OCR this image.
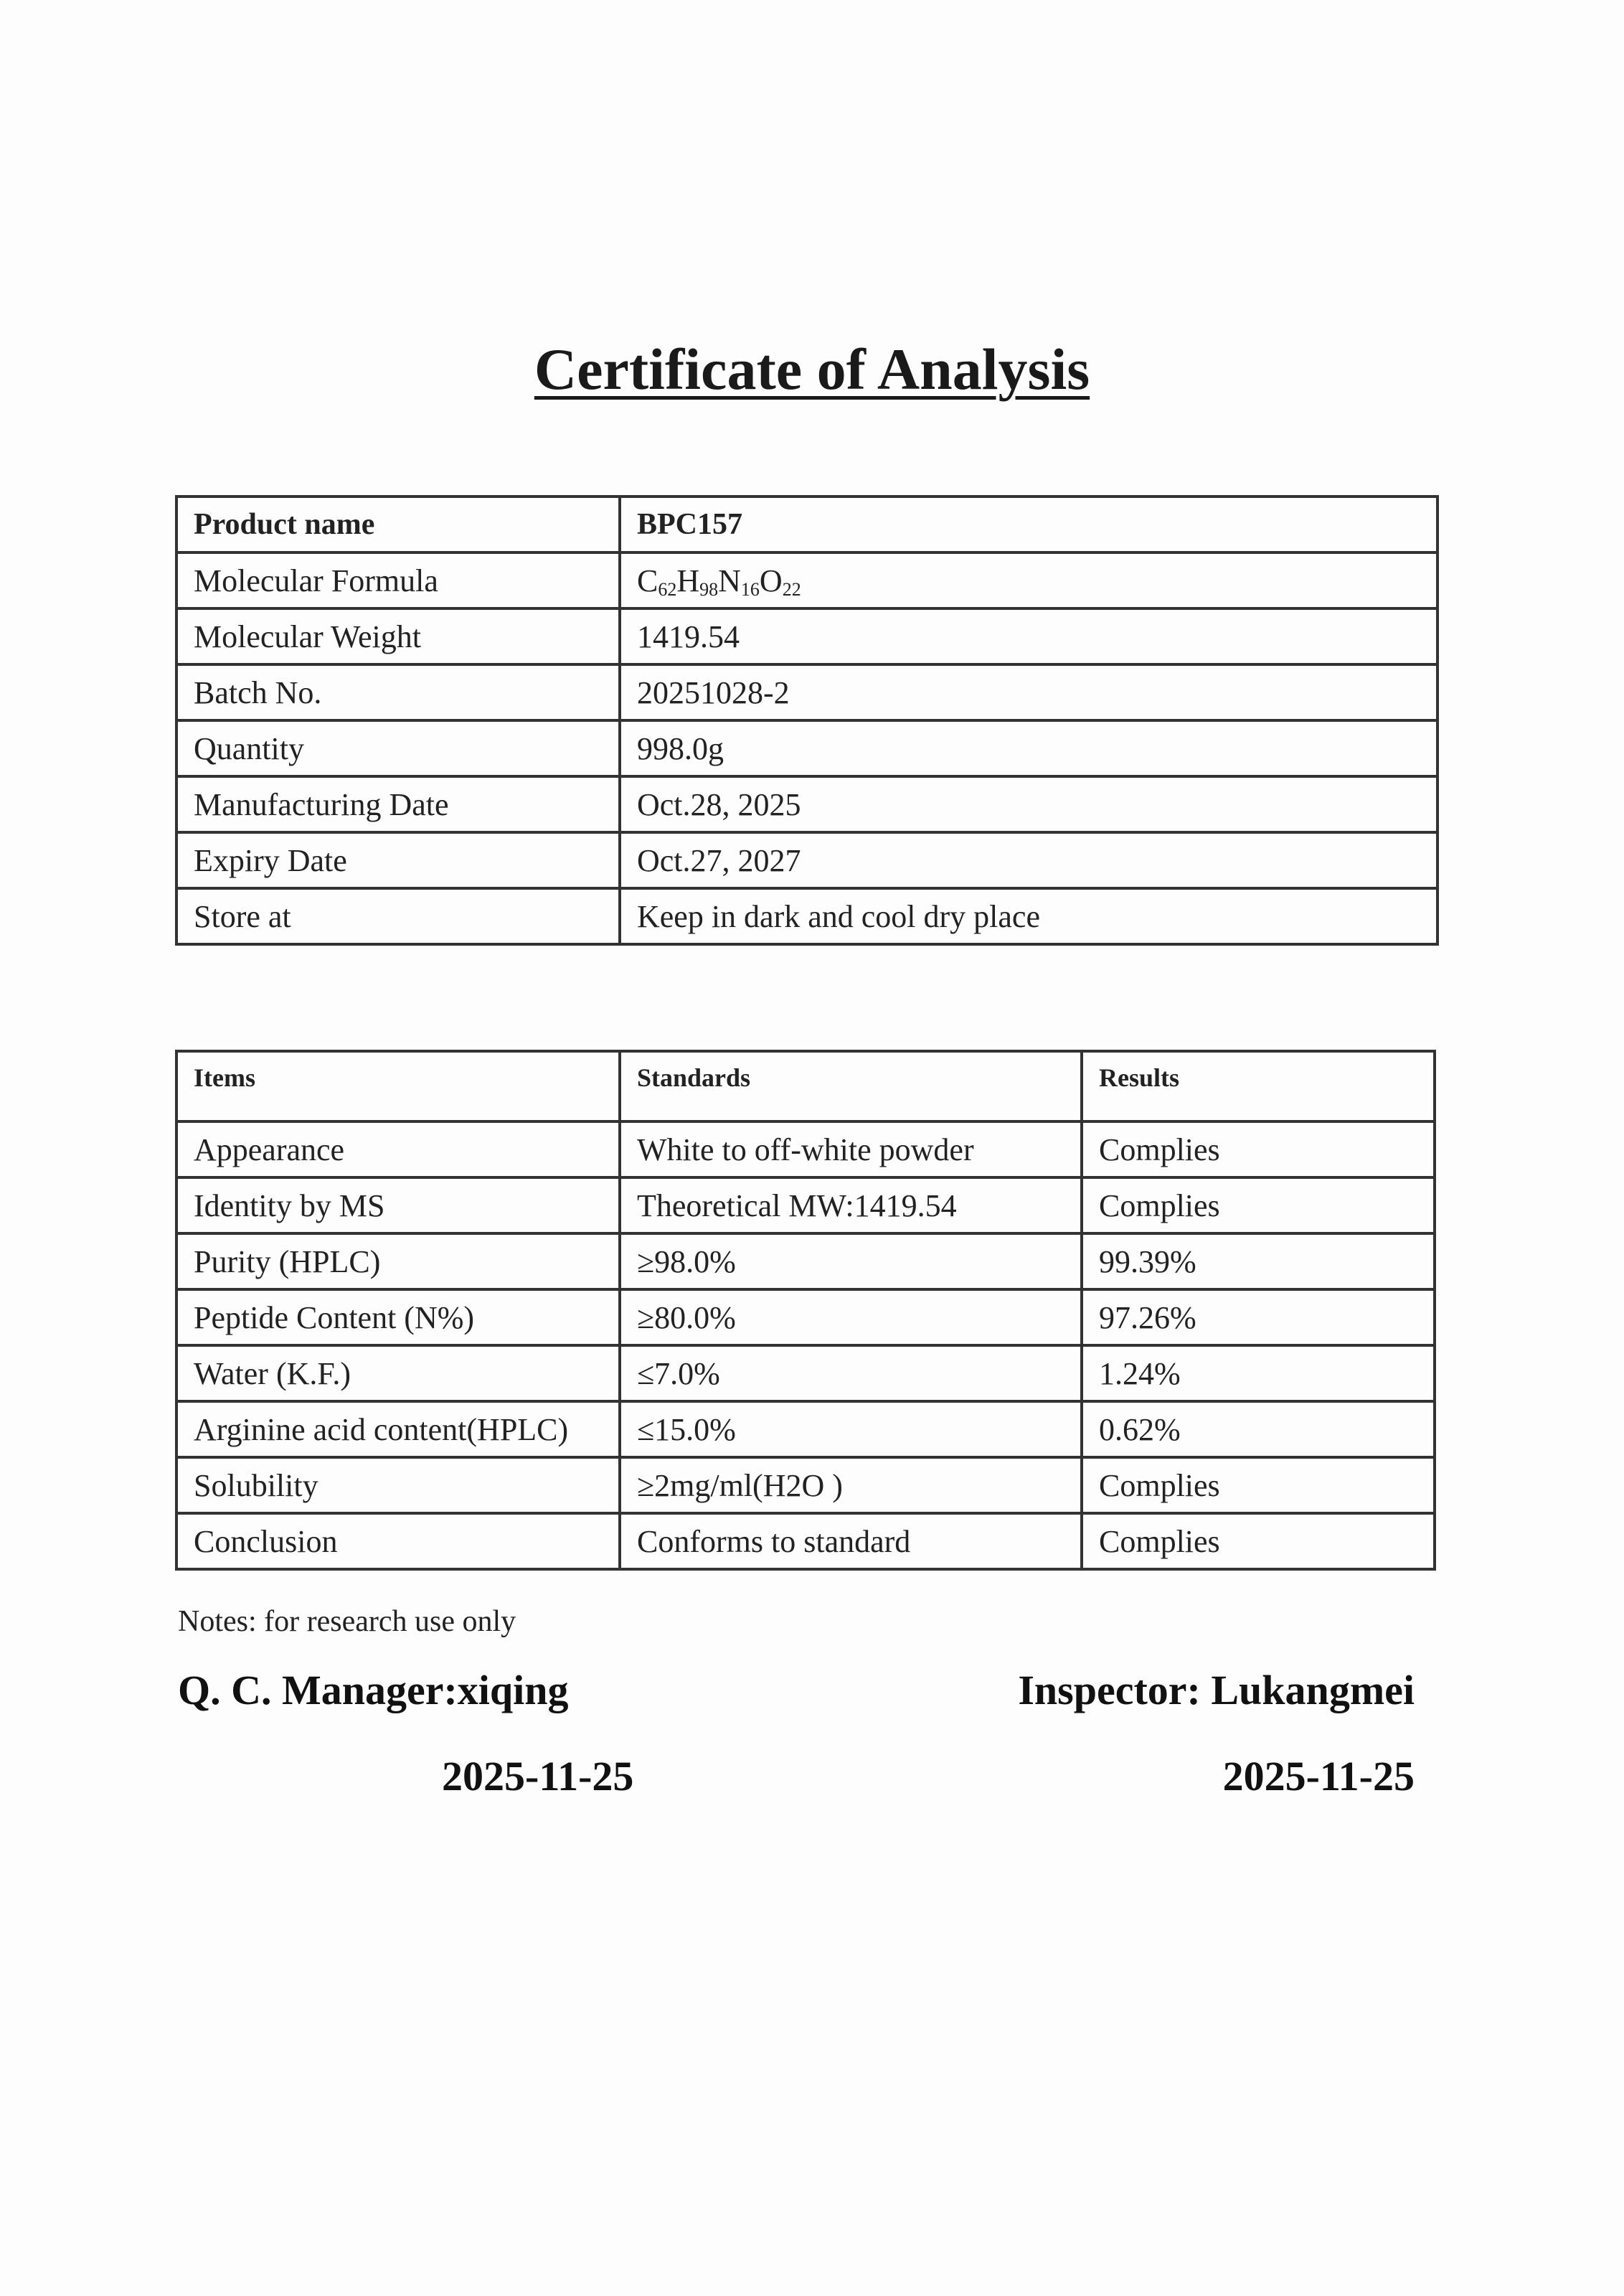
Certificate of Analysis
Product name	BPC157
Molecular Formula	$C_{62}H_{98}N_{16}O_{22}$
Molecular Weight	1419.54
Batch No.	20251028-2
Quantity	998.0g
Manufacturing Date	Oct.28, 2025
Expiry Date	Oct.27, 2027
Store at	Keep in dark and cool dry place
Items	Standards	Results
Appearance	White to off-white powder	Complies
Identity by MS	Theoretical MW:1419.54	Complies
Purity (HPLC)	≥98.0%	99.39%
Peptide Content (N%)	≥80.0%	97.26%
Water (K.F.)	≤7.0%	1.24%
Arginine acid content(HPLC)	≤15.0%	0.62%
Solubility	≥2mg/ml(H2O )	Complies
Conclusion	Conforms to standard	Complies
Notes: for research use only
Q. C. Manager:xiqing	Inspector: Lukangmei
2025-11-25	2025-11-25
